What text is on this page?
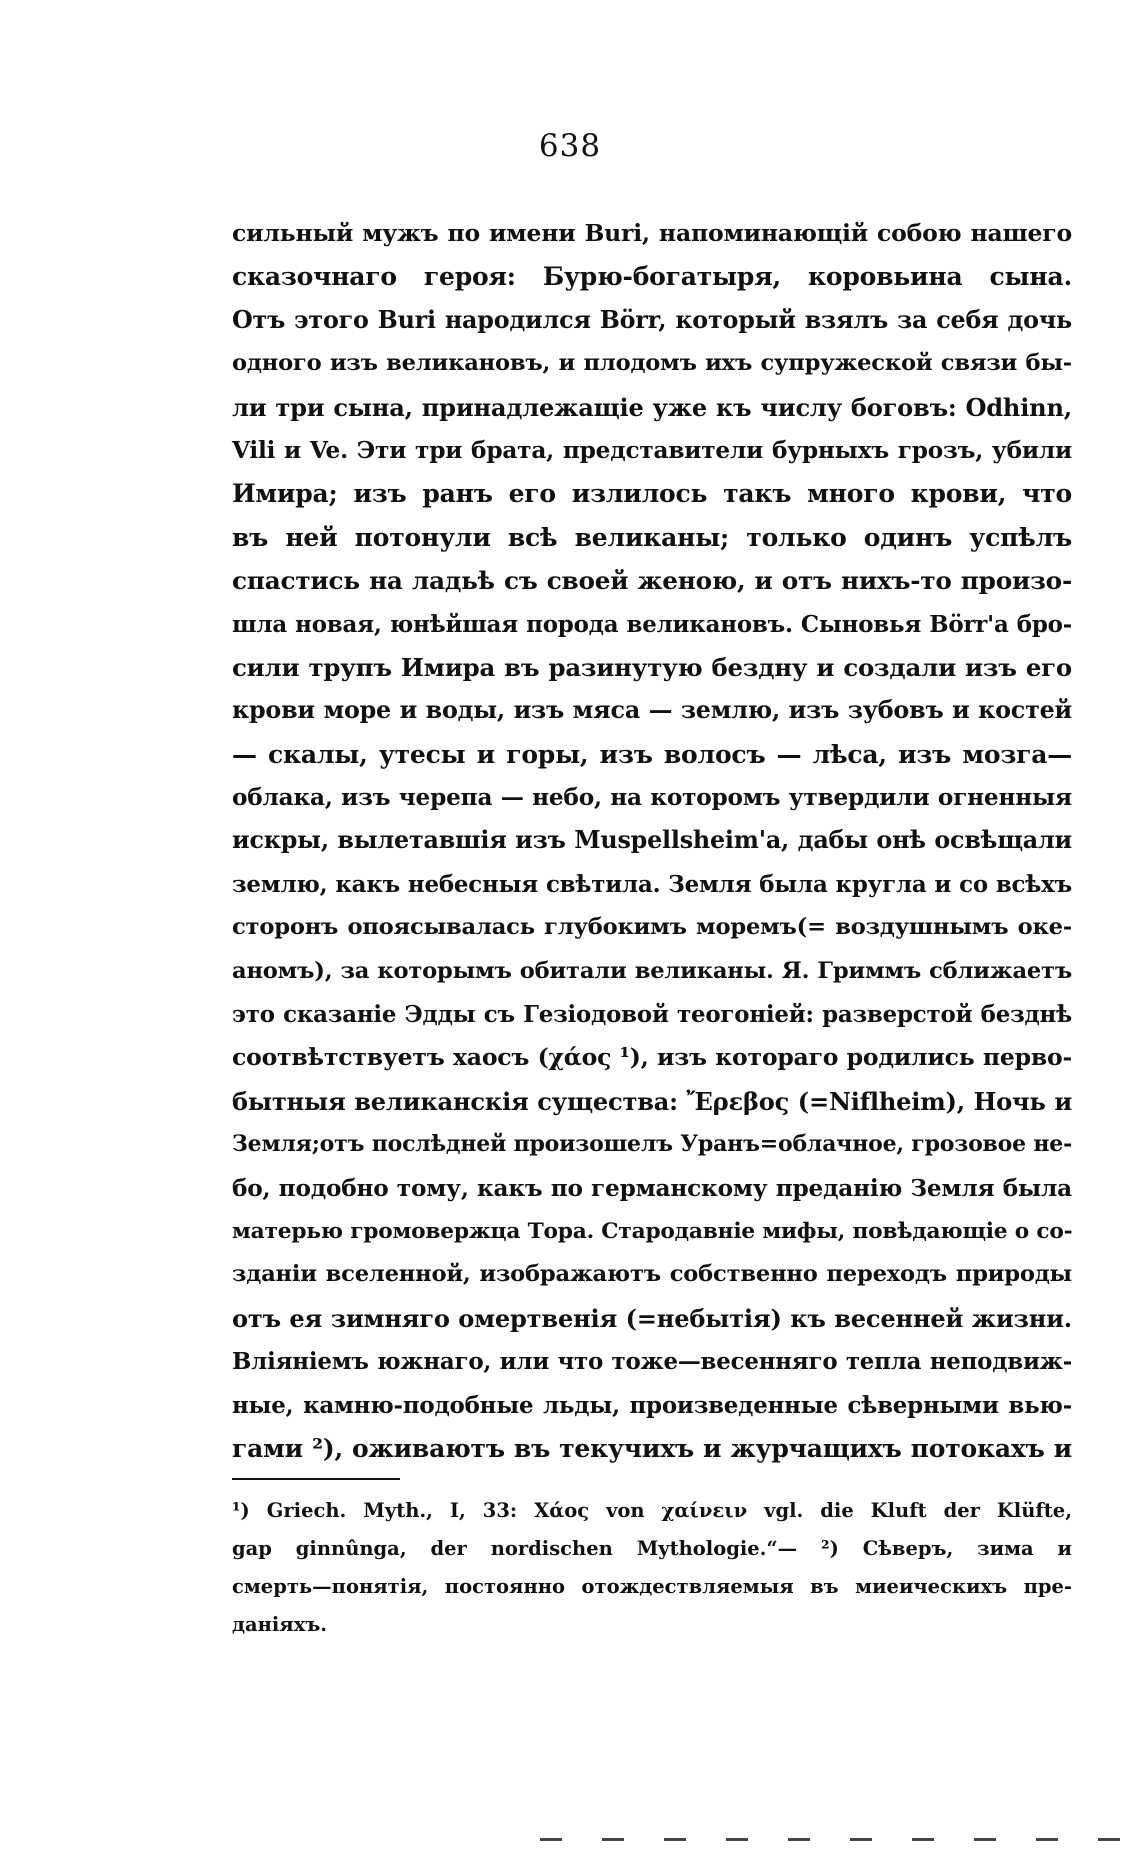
638
сильный мужъ по имени Buri, напоминающій собою нашего
сказочнаго героя: Бурю-богатыря, коровьина сына.
Отъ этого Buri народился Börr, который взялъ за себя дочь
одного изъ великановъ, и плодомъ ихъ супружеской связи бы-
ли три сына, принадлежащіе уже къ числу боговъ: Odhinn,
Vili и Ve. Эти три брата, представители бурныхъ грозъ, убили
Имира; изъ ранъ его излилось такъ много крови, что
въ ней потонули всѣ великаны; только одинъ успѣлъ
спастись на ладьѣ съ своей женою, и отъ нихъ-то произо-
шла новая, юнѣйшая порода великановъ. Сыновья Börr'a бро-
сили трупъ Имира въ разинутую бездну и создали изъ его
крови море и воды, изъ мяса — землю, изъ зубовъ и костей
— скалы, утесы и горы, изъ волосъ — лѣса, изъ мозга—
облака, изъ черепа — небо, на которомъ утвердили огненныя
искры, вылетавшія изъ Muspellsheim'a, дабы онѣ освѣщали
землю, какъ небесныя свѣтила. Земля была кругла и со всѣхъ
сторонъ опоясывалась глубокимъ моремъ(= воздушнымъ оке-
аномъ), за которымъ обитали великаны. Я. Гриммъ сближаетъ
это сказаніе Эдды съ Гезіодовой теогоніей: разверстой безднѣ
соотвѣтствуетъ хаосъ (χάος ¹), изъ котораго родились перво-
бытныя великанскія существа: Ἔρεβος (=Niflheim), Ночь и
Земля;отъ послѣдней произошелъ Уранъ=облачное, грозовое не-
бо, подобно тому, какъ по германскому преданію Земля была
матерью громовержца Тора. Стародавніе мифы, повѣдающіе о со-
зданіи вселенной, изображаютъ собственно переходъ природы
отъ ея зимняго омертвенія (=небытія) къ весенней жизни.
Вліяніемъ южнаго, или что тоже—весенняго тепла неподвиж-
ные, камню-подобные льды, произведенные сѣверными вью-
гами ²), оживаютъ въ текучихъ и журчащихъ потокахъ и
¹) Griech. Myth., I, 33: Χάος von χαίνειν vgl. die Kluft der Klüfte,
gap ginnûnga, der nordischen Mythologie.“— ²) Сѣверъ, зима и
смерть—понятія, постоянно отождествляемыя въ миеическихъ пре-
даніяхъ.
